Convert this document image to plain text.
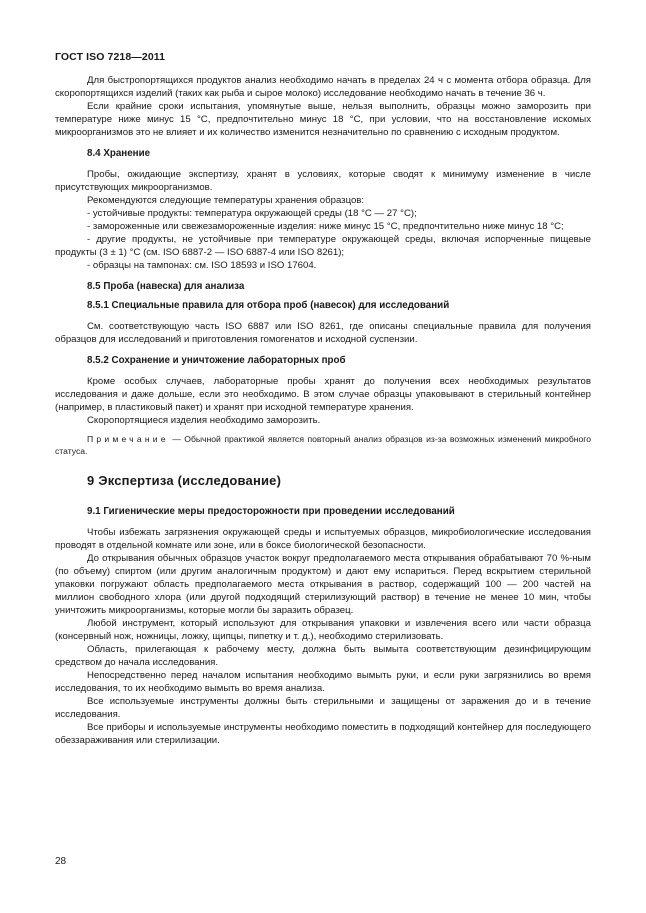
ГОСТ ISO 7218—2011

Для быстропортящихся продуктов анализ необходимо начать в пределах 24 ч с момента отбора образца. Для скоропортящихся изделий (таких как рыба и сырое молоко) исследование необходимо начать в течение 36 ч.

Если крайние сроки испытания, упомянутые выше, нельзя выполнить, образцы можно заморозить при температуре ниже минус 15 °С, предпочтительно минус 18 °С, при условии, что на восстановление искомых микроорганизмов это не влияет и их количество изменится незначительно по сравнению с исходным продуктом.

8.4 Хранение

Пробы, ожидающие экспертизу, хранят в условиях, которые сводят к минимуму изменение в числе присутствующих микроорганизмов.

Рекомендуются следующие температуры хранения образцов:

- устойчивые продукты: температура окружающей среды (18 °С — 27 °С);

- замороженные или свежезамороженные изделия: ниже минус 15 °С, предпочтительно ниже минус 18 °С;

- другие продукты, не устойчивые при температуре окружающей среды, включая испорченные пищевые продукты (3 ± 1) °С (см. ISO 6887-2 — ISO 6887-4 или ISO 8261);

- образцы на тампонах: см. ISO 18593 и ISO 17604.

8.5 Проба (навеска) для анализа
8.5.1 Специальные правила для отбора проб (навесок) для исследований

См. соответствующую часть ISO 6887 или ISO 8261, где описаны специальные правила для получения образцов для исследований и приготовления гомогенатов и исходной суспензии.

8.5.2 Сохранение и уничтожение лабораторных проб

Кроме особых случаев, лабораторные пробы хранят до получения всех необходимых результатов исследования и даже дольше, если это необходимо. В этом случае образцы упаковывают в стерильный контейнер (например, в пластиковый пакет) и хранят при исходной температуре хранения.

Скоропортящиеся изделия необходимо заморозить.

Примечание — Обычной практикой является повторный анализ образцов из-за возможных изменений микробного статуса.

9 Экспертиза (исследование)
9.1 Гигиенические меры предосторожности при проведении исследований

Чтобы избежать загрязнения окружающей среды и испытуемых образцов, микробиологические исследования проводят в отдельной комнате или зоне, или в боксе биологической безопасности.

До открывания обычных образцов участок вокруг предполагаемого места открывания обрабатывают 70 %-ным (по объему) спиртом (или другим аналогичным продуктом) и дают ему испариться. Перед вскрытием стерильной упаковки погружают область предполагаемого места открывания в раствор, содержащий 100 — 200 частей на миллион свободного хлора (или другой подходящий стерилизующий раствор) в течение не менее 10 мин, чтобы уничтожить микроорганизмы, которые могли бы заразить образец.

Любой инструмент, который используют для открывания упаковки и извлечения всего или части образца (консервный нож, ножницы, ложку, щипцы, пипетку и т. д.), необходимо стерилизовать.

Область, прилегающая к рабочему месту, должна быть вымыта соответствующим дезинфицирующим средством до начала исследования.

Непосредственно перед началом испытания необходимо вымыть руки, и если руки загрязнились во время исследования, то их необходимо вымыть во время анализа.

Все используемые инструменты должны быть стерильными и защищены от заражения до и в течение исследования.

Все приборы и используемые инструменты необходимо поместить в подходящий контейнер для последующего обеззараживания или стерилизации.

28
